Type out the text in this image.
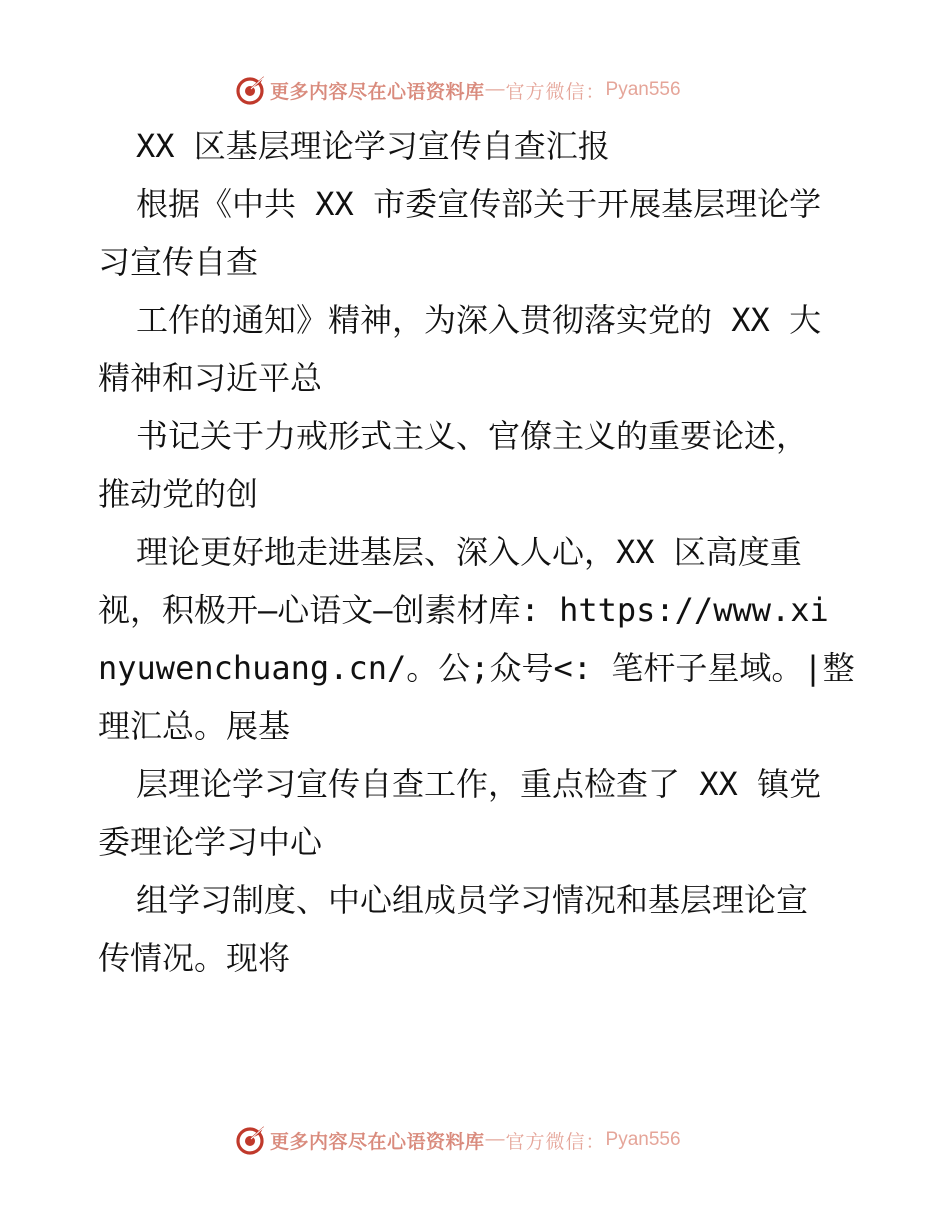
更多内容尽在心语资料库 — 官方微信： Pyan556
XX 区基层理论学习宣传自查汇报
根据《中共 XX 市委宣传部关于开展基层理论学
习宣传自查
工作的通知》精神，为深入贯彻落实党的 XX 大
精神和习近平总
书记关于力戒形式主义、官僚主义的重要论述，
推动党的创
理论更好地走进基层、深入人心，XX 区高度重
视，积极开—心语文—创素材库: https://www.xi
nyuwenchuang.cn/。公;众号<: 笔杆子星域。|整
理汇总。展基
层理论学习宣传自查工作，重点检查了 XX 镇党
委理论学习中心
组学习制度、中心组成员学习情况和基层理论宣
传情况。现将
更多内容尽在心语资料库 — 官方微信： Pyan556
